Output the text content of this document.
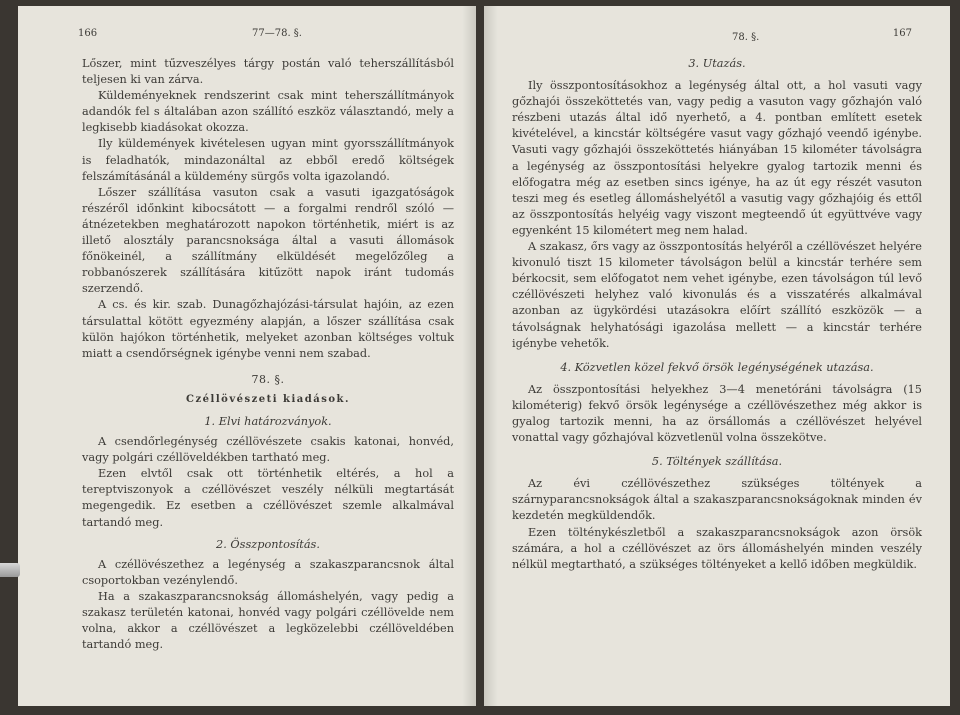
166	77—78. §.

Lőszer, mint tűzveszélyes tárgy postán való teherszállításból teljesen ki van zárva.

Küldeményeknek rendszerint csak mint teherszállítmányok adandók fel s általában azon szállító eszköz választandó, mely a legkisebb kiadásokat okozza.

Ily küldemények kivételesen ugyan mint gyorsszállítmányok is feladhatók, mindazonáltal az ebből eredő költségek felszámításánál a küldemény sürgős volta igazolandó.

Lőszer szállítása vasuton csak a vasuti igazgatóságok részéről időnkint kibocsátott — a forgalmi rendről szóló — átnézetekben meghatározott napokon történhetik, miért is az illető alosztály parancsnoksága által a vasuti állomások főnökeinél, a szállítmány elküldését megelőzőleg a robbanószerek szállítására kitűzött napok iránt tudomás szerzendő.

A cs. és kir. szab. Dunagőzhajózási-társulat hajóin, az ezen társulattal kötött egyezmény alapján, a lőszer szállítása csak külön hajókon történhetik, melyeket azonban költséges voltuk miatt a csendőrségnek igénybe venni nem szabad.

78. §.
Czéllövészeti kiadások.
1. Elvi határozványok.

A csendőrlegénység czéllövészete csakis katonai, honvéd, vagy polgári czéllöveldékben tartható meg.

Ezen elvtől csak ott történhetik eltérés, a hol a tereptviszonyok a czéllövészet veszély nélküli megtartását megengedik. Ez esetben a czéllövészet szemle alkalmával tartandó meg.

2. Összpontosítás.

A czéllövészethez a legénység a szakaszparancsnok által csoportokban vezénylendő.

Ha a szakaszparancsnokság állomáshelyén, vagy pedig a szakasz területén katonai, honvéd vagy polgári czéllövelde nem volna, akkor a czéllövészet a legközelebbi czéllöveldében tartandó meg.

78. §.	167
3. Utazás.

Ily összpontosításokhoz a legénység által ott, a hol vasuti vagy gőzhajói összeköttetés van, vagy pedig a vasuton vagy gőzhajón való részbeni utazás által idő nyerhető, a 4. pontban említett esetek kivételével, a kincstár költségére vasut vagy gőzhajó veendő igénybe. Vasuti vagy gőzhajói összeköttetés hiányában 15 kilométer távolságra a legénység az összpontosítási helyekre gyalog tartozik menni és előfogatra még az esetben sincs igénye, ha az út egy részét vasuton teszi meg és esetleg állomáshelyétől a vasutig vagy gőzhajóig és ettől az összpontosítás helyéig vagy viszont megteendő út együttvéve vagy egyenként 15 kilométert meg nem halad.

A szakasz, őrs vagy az összpontosítás helyéről a czéllövészet helyére kivonuló tiszt 15 kilometer távolságon belül a kincstár terhére sem bérkocsit, sem előfogatot nem vehet igénybe, ezen távolságon túl levő czéllövészeti helyhez való kivonulás és a visszatérés alkalmával azonban az ügykördési utazásokra előírt szállító eszközök — a távolságnak helyhatósági igazolása mellett — a kincstár terhére igénybe vehetők.

4. Közvetlen közel fekvő örsök legénységének utazása.

Az összpontosítási helyekhez 3—4 menetóráni távolságra (15 kilométerig) fekvő örsök legénysége a czéllövészethez még akkor is gyalog tartozik menni, ha az örsállomás a czéllövészet helyével vonattal vagy gőzhajóval közvetlenül volna összekötve.

5. Töltények szállítása.

Az évi czéllövészethez szükséges töltények a szárnyparancsnokságok által a szakaszparancsnokságoknak minden év kezdetén megküldendők.

Ezen tölténykészletből a szakaszparancsnokságok azon örsök számára, a hol a czéllövészet az örs állomáshelyén minden veszély nélkül megtartható, a szükséges töltényeket a kellő időben megküldik.
